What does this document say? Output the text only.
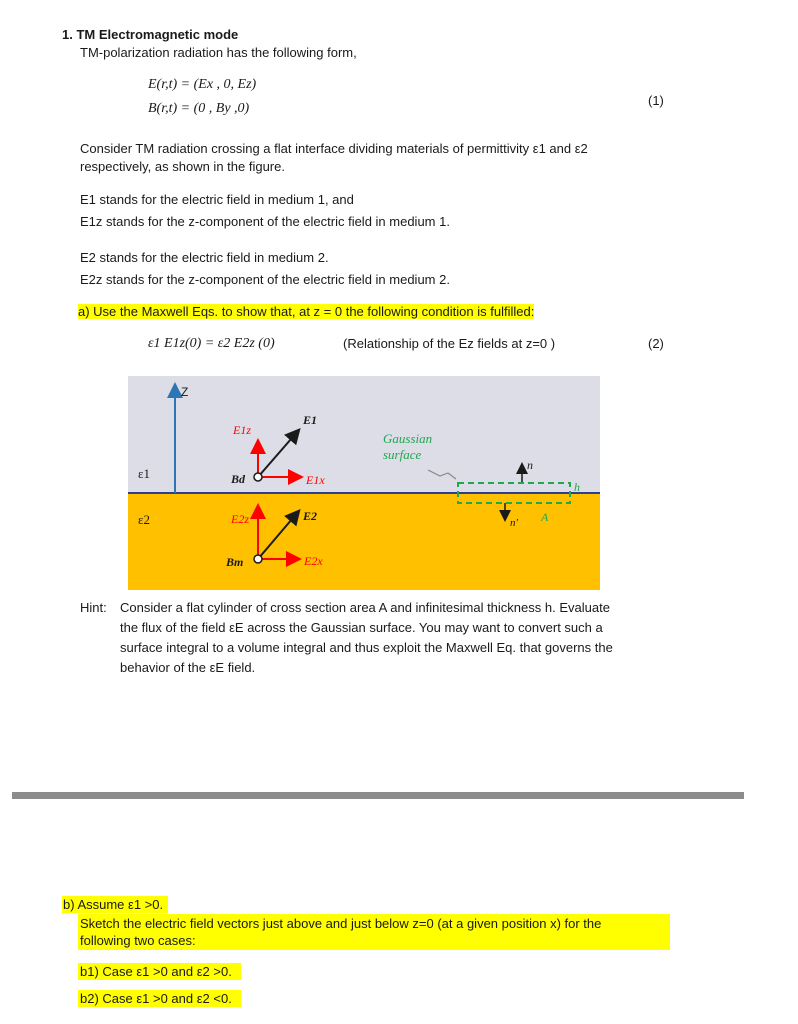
1. TM Electromagnetic mode
TM-polarization radiation has the following form,
E(r,t) = (Ex , 0, Ez)
B(r,t) = (0 , By ,0)
(1)
Consider TM radiation crossing a flat interface dividing materials of permittivity ε1 and ε2
respectively, as shown in the figure.
E1 stands for the electric field in medium 1, and
E1z stands for the z-component of the electric field in medium 1.
E2 stands for the electric field in medium 2.
E2z stands for the z-component of the electric field in medium 2.
a) Use the Maxwell Eqs. to show that, at z = 0 the following condition is fulfilled:
ε1 E1z(0) = ε2 E2z (0)	(Relationship of the Ez fields at z=0 )	(2)
Z
ε1
ε2
E1z
E1
E1x
Bd
E2z	E2
E2x
Bm
Gaussian
surface
n
n' A
h
Hint: Consider a flat cylinder of cross section area A and infinitesimal thickness h. Evaluate
the flux of the field εE across the Gaussian surface. You may want to convert such a
surface integral to a volume integral and thus exploit the Maxwell Eq. that governs the
behavior of the εE field.
b) Assume ε1 >0.
Sketch the electric field vectors just above and just below z=0 (at a given position x) for the
following two cases:
b1) Case ε1 >0 and ε2 >0.
b2) Case ε1 >0 and ε2 <0.
